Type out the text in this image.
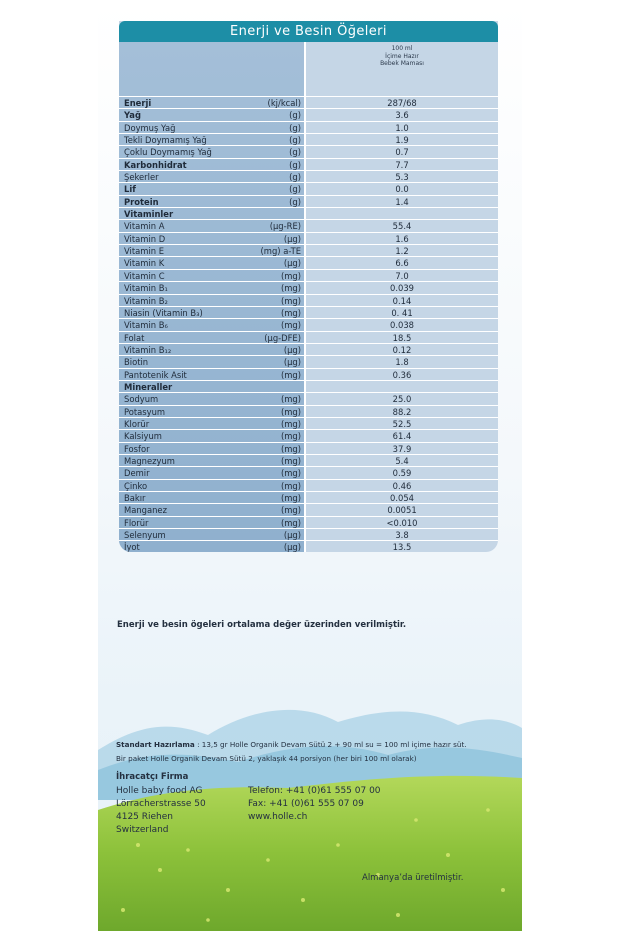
Enerji ve Besin Öğeleri
100 ml
İçime Hazır
Bebek Maması
Enerji	(kj/kcal)	287/68
Yağ	(g)	3.6
Doymuş Yağ	(g)	1.0
Tekli Doymamış Yağ	(g)	1.9
Çoklu Doymamış Yağ	(g)	0.7
Karbonhidrat	(g)	7.7
Şekerler	(g)	5.3
Lif	(g)	0.0
Protein	(g)	1.4
Vitaminler
Vitamin A	(µg-RE)	55.4
Vitamin D	(µg)	1.6
Vitamin E	(mg) a-TE	1.2
Vitamin K	(µg)	6.6
Vitamin C	(mg)	7.0
Vitamin B₁	(mg)	0.039
Vitamin B₂	(mg)	0.14
Niasin (Vitamin B₃)	(mg)	0. 41
Vitamin B₆	(mg)	0.038
Folat	(µg-DFE)	18.5
Vitamin B₁₂	(µg)	0.12
Biotin	(µg)	1.8
Pantotenik Asit	(mg)	0.36
Mineraller
Sodyum	(mg)	25.0
Potasyum	(mg)	88.2
Klorür	(mg)	52.5
Kalsiyum	(mg)	61.4
Fosfor	(mg)	37.9
Magnezyum	(mg)	5.4
Demir	(mg)	0.59
Çinko	(mg)	0.46
Bakır	(mg)	0.054
Manganez	(mg)	0.0051
Florür	(mg)	<0.010
Selenyum	(µg)	3.8
İyot	(µg)	13.5
Enerji ve besin ögeleri ortalama değer üzerinden verilmiştir.
Standart Hazırlama : 13,5 gr Holle Organik Devam Sütü 2 + 90 ml su = 100 ml içime hazır süt.
Bir paket Holle Organik Devam Sütü 2, yaklaşık 44 porsiyon (her biri 100 ml olarak)
İhracatçı Firma
Holle baby food AG
Lörracherstrasse 50
4125 Riehen
Switzerland
Telefon: +41 (0)61 555 07 00
Fax: +41 (0)61 555 07 09
www.holle.ch
Almanya’da üretilmiştir.
